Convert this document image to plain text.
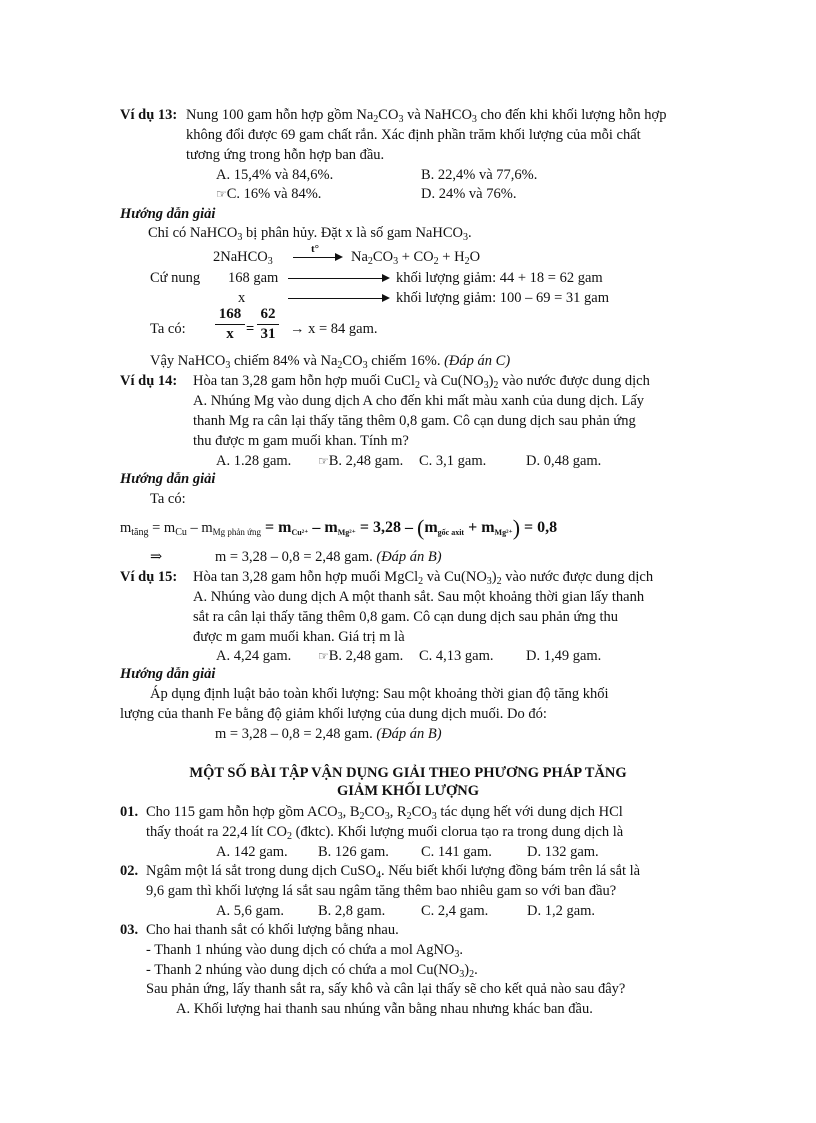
Ví dụ 13: Nung 100 gam hỗn hợp gồm $Na_2CO_3$ và NaHCO$_3$ cho đến khi khối lượng hỗn hợp
không đổi được 69 gam chất rắn. Xác định phần trăm khối lượng của mỗi chất
tương ứng trong hỗn hợp ban đầu.
A. 15,4% và 84,6%.	B. 22,4% và 77,6%.
☞C. 16% và 84%.	D. 24% và 76%.
Hướng dẫn giải
Chỉ có NaHCO$_3$ bị phân hủy. Đặt x là số gam NaHCO$_3$.
2NaHCO$_3$
$t^\circ \to Na_2CO_3 + CO_2 + H_2O$
Cứ nung 168 gam	khối lượng giảm: 44 + 18 = 62 gam
x	khối lượng giảm: 100 – 69 = 31 gam
Ta có:
168
x =
62
31 → x = 84 gam.
Vậy NaHCO$_3$ chiếm 84% và $Na_2CO_3$ chiếm 16%. (Đáp án C)
Ví dụ 14: Hòa tan 3,28 gam hỗn hợp muối CuCl$_2$ và $Cu(NO_3)_2$ vào nước được dung dịch
A. Nhúng Mg vào dung dịch A cho đến khi mất màu xanh của dung dịch. Lấy
thanh Mg ra cân lại thấy tăng thêm 0,8 gam. Cô cạn dung dịch sau phản ứng
thu được m gam muối khan. Tính m?
A. 1.28 gam. ☞B. 2,48 gam. C. 3,1 gam.	D. 0,48 gam.
Hướng dẫn giải
Ta có:
$m_{tăng} = m_{Cu} - m_{Mg phản ứng} = m_{Cu^{2+}} - m_{Mg^{2+}} = 3,28 - (m_{gốc axit} + m_{Mg^{2+}}) = 0,8$
⇒	m = 3,28 – 0,8 = 2,48 gam. (Đáp án B)
Ví dụ 15: Hòa tan 3,28 gam hỗn hợp muối MgCl$_2$ và $Cu(NO_3)_2$ vào nước được dung dịch
A. Nhúng vào dung dịch A một thanh sắt. Sau một khoảng thời gian lấy thanh
sắt ra cân lại thấy tăng thêm 0,8 gam. Cô cạn dung dịch sau phản ứng thu
được m gam muối khan. Giá trị m là
A. 4,24 gam. ☞B. 2,48 gam. C. 4,13 gam. D. 1,49 gam.
Hướng dẫn giải
Áp dụng định luật bảo toàn khối lượng: Sau một khoảng thời gian độ tăng khối
lượng của thanh Fe bằng độ giảm khối lượng của dung dịch muối. Do đó:
m = 3,28 – 0,8 = 2,48 gam. (Đáp án B)
MỘT SỐ BÀI TẬP VẬN DỤNG GIẢI THEO PHƯƠNG PHÁP TĂNG
GIẢM KHỐI LƯỢNG
01. Cho 115 gam hỗn hợp gồm $ACO_3$, $B_2CO_3$, $R_2CO_3$ tác dụng hết với dung dịch HCl
thấy thoát ra 22,4 lít $CO_2$ (đktc). Khối lượng muối clorua tạo ra trong dung dịch là
A. 142 gam. B. 126 gam. C. 141 gam. D. 132 gam.
02. Ngâm một lá sắt trong dung dịch CuSO$_4$. Nếu biết khối lượng đồng bám trên lá sắt là
9,6 gam thì khối lượng lá sắt sau ngâm tăng thêm bao nhiêu gam so với ban đầu?
A. 5,6 gam. B. 2,8 gam. C. 2,4 gam.	D. 1,2 gam.
03. Cho hai thanh sắt có khối lượng bằng nhau.
- Thanh 1 nhúng vào dung dịch có chứa a mol AgNO$_3$.
- Thanh 2 nhúng vào dung dịch có chứa a mol $Cu(NO_3)_2$.
Sau phản ứng, lấy thanh sắt ra, sấy khô và cân lại thấy sẽ cho kết quả nào sau đây?
A. Khối lượng hai thanh sau nhúng vẫn bằng nhau nhưng khác ban đầu.
